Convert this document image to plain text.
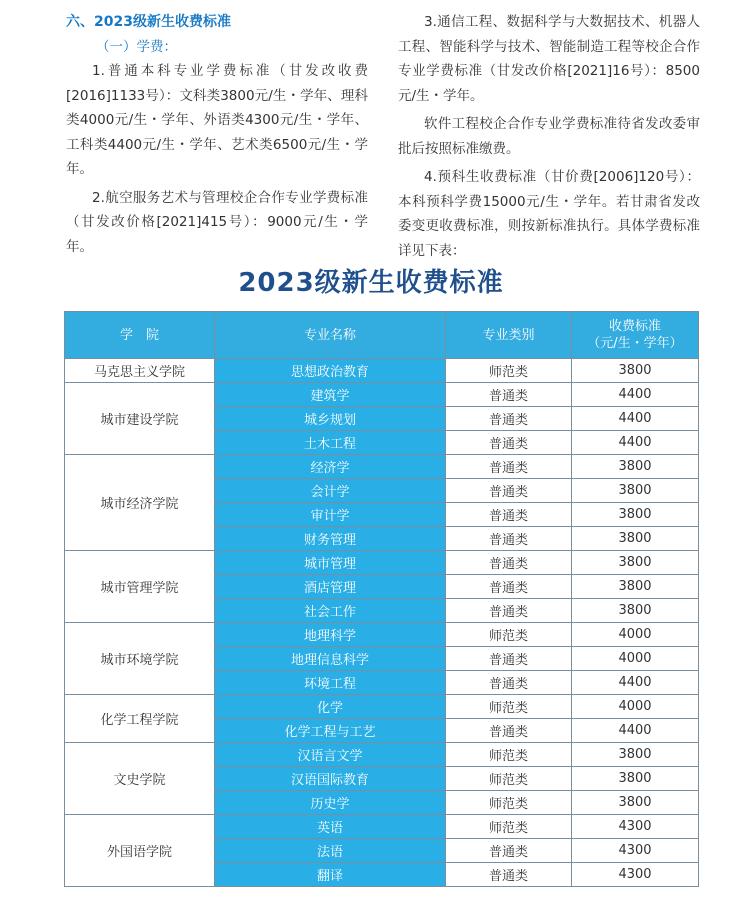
六、2023级新生收费标准
（一）学费：

1.普通本科专业学费标准（甘发改收费[2016]1133号）：文科类3800元/生・学年、理科类4000元/生・学年、外语类4300元/生・学年、工科类4400元/生・学年、艺术类6500元/生・学年。

2.航空服务艺术与管理校企合作专业学费标准（甘发改价格[2021]415号）：9000元/生・学年。

3.通信工程、数据科学与大数据技术、机器人工程、智能科学与技术、智能制造工程等校企合作专业学费标准（甘发改价格[2021]16号）：8500元/生・学年。

软件工程校企合作专业学费标准待省发改委审批后按照标准缴费。

4.预科生收费标准（甘价费[2006]120号）：本科预科学费15000元/生・学年。若甘肃省发改委变更收费标准，则按新标准执行。具体学费标准详见下表：

2023级新生收费标准
学　院	专业名称	专业类别	收费标准
（元/生・学年）

马克思主义学院	思想政治教育	师范类	3800
城市建设学院	建筑学	普通类	4400
	城乡规划	普通类	4400
	土木工程	普通类	4400
城市经济学院	经济学	普通类	3800
	会计学	普通类	3800
	审计学	普通类	3800
	财务管理	普通类	3800
城市管理学院	城市管理	普通类	3800
	酒店管理	普通类	3800
	社会工作	普通类	3800
城市环境学院	地理科学	师范类	4000
	地理信息科学	普通类	4000
	环境工程	普通类	4400
化学工程学院	化学	师范类	4000
	化学工程与工艺	普通类	4400
文史学院	汉语言文学	师范类	3800
	汉语国际教育	师范类	3800
	历史学	师范类	3800
外国语学院	英语	师范类	4300
	法语	普通类	4300
	翻译	普通类	4300
